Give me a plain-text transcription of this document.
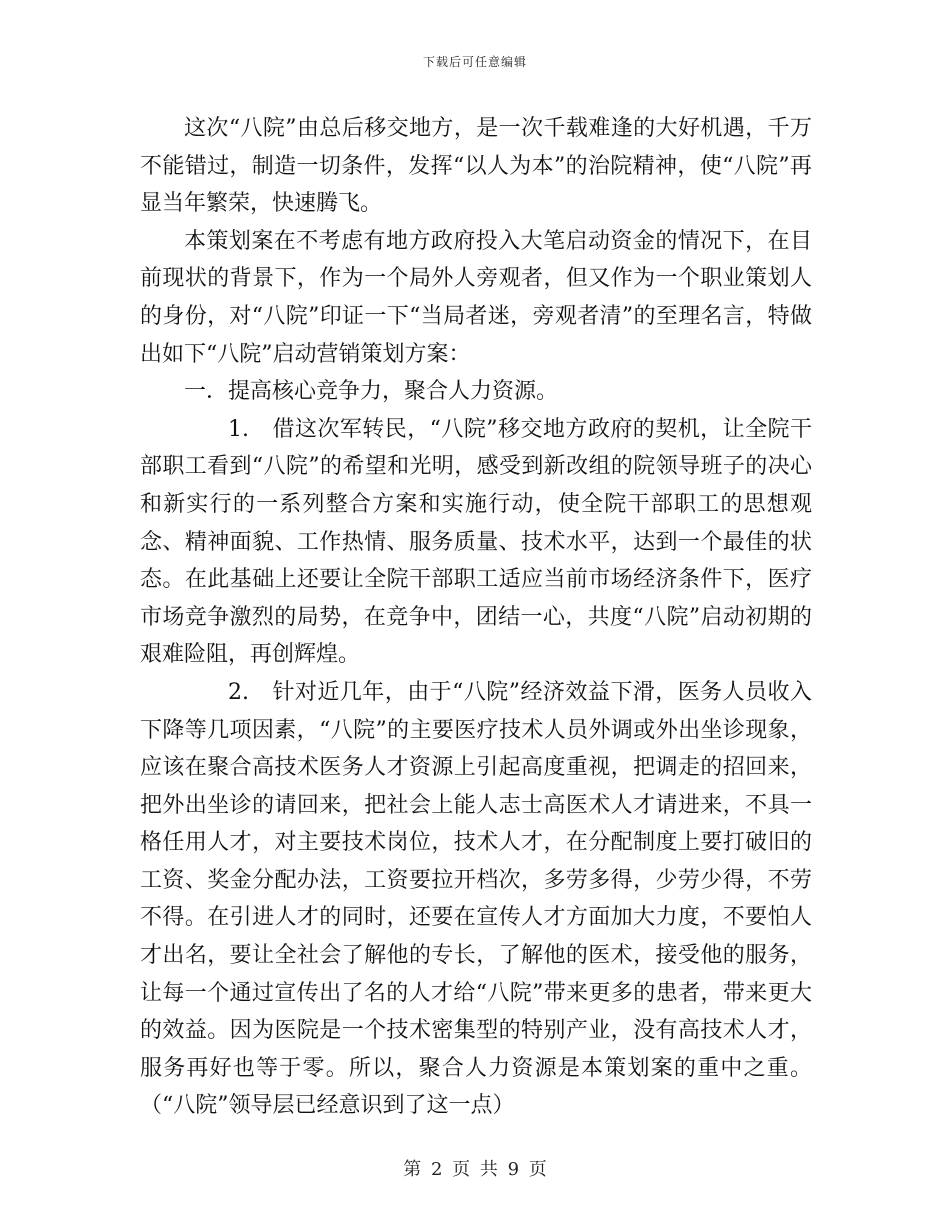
下载后可任意编辑

这次“八院”由总后移交地方，是一次千载难逢的大好机遇，千万不能错过，制造一切条件，发挥“以人为本”的治院精神，使“八院”再显当年繁荣，快速腾飞。

本策划案在不考虑有地方政府投入大笔启动资金的情况下，在目前现状的背景下，作为一个局外人旁观者，但又作为一个职业策划人的身份，对“八院”印证一下“当局者迷，旁观者清”的至理名言，特做出如下“八院”启动营销策划方案：

一．提高核心竞争力，聚合人力资源。

1. 借这次军转民，“八院”移交地方政府的契机，让全院干部职工看到“八院”的希望和光明，感受到新改组的院领导班子的决心和新实行的一系列整合方案和实施行动，使全院干部职工的思想观念、精神面貌、工作热情、服务质量、技术水平，达到一个最佳的状态。在此基础上还要让全院干部职工适应当前市场经济条件下，医疗市场竞争激烈的局势，在竞争中，团结一心，共度“八院”启动初期的艰难险阻，再创辉煌。

2. 针对近几年，由于“八院”经济效益下滑，医务人员收入下降等几项因素，“八院”的主要医疗技术人员外调或外出坐诊现象，应该在聚合高技术医务人才资源上引起高度重视，把调走的招回来，把外出坐诊的请回来，把社会上能人志士高医术人才请进来，不具一格任用人才，对主要技术岗位，技术人才，在分配制度上要打破旧的工资、奖金分配办法，工资要拉开档次，多劳多得，少劳少得，不劳不得。在引进人才的同时，还要在宣传人才方面加大力度，不要怕人才出名，要让全社会了解他的专长，了解他的医术，接受他的服务，让每一个通过宣传出了名的人才给“八院”带来更多的患者，带来更大的效益。因为医院是一个技术密集型的特别产业，没有高技术人才，服务再好也等于零。所以，聚合人力资源是本策划案的重中之重。（“八院”领导层已经意识到了这一点）

第 2 页 共 9 页
